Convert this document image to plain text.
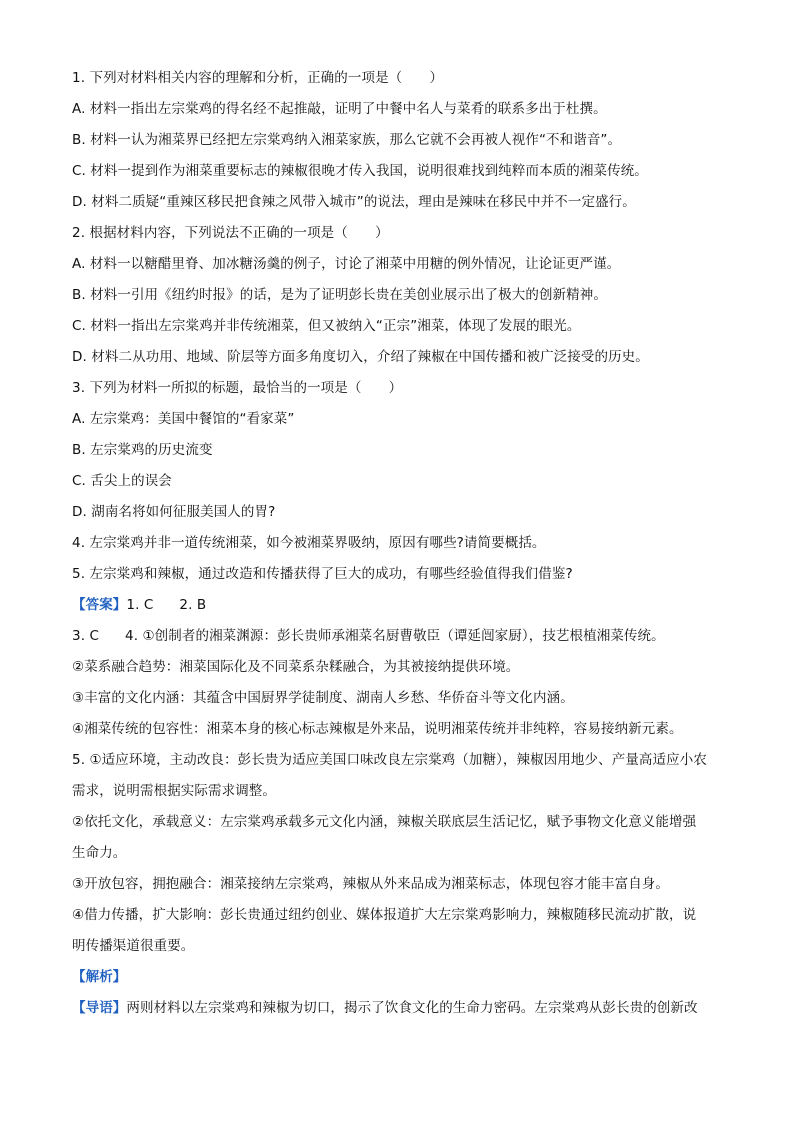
1. 下列对材料相关内容的理解和分析，正确的一项是（　　）
A. 材料一指出左宗棠鸡的得名经不起推敲，证明了中餐中名人与菜肴的联系多出于杜撰。
B. 材料一认为湘菜界已经把左宗棠鸡纳入湘菜家族，那么它就不会再被人视作“不和谐音”。
C. 材料一提到作为湘菜重要标志的辣椒很晚才传入我国，说明很难找到纯粹而本质的湘菜传统。
D. 材料二质疑“重辣区移民把食辣之风带入城市”的说法，理由是辣味在移民中并不一定盛行。
2. 根据材料内容，下列说法不正确的一项是（　　）
A. 材料一以糖醋里脊、加冰糖汤羹的例子，讨论了湘菜中用糖的例外情况，让论证更严谨。
B. 材料一引用《纽约时报》的话，是为了证明彭长贵在美创业展示出了极大的创新精神。
C. 材料一指出左宗棠鸡并非传统湘菜，但又被纳入“正宗”湘菜，体现了发展的眼光。
D. 材料二从功用、地域、阶层等方面多角度切入，介绍了辣椒在中国传播和被广泛接受的历史。
3. 下列为材料一所拟的标题，最恰当的一项是（　　）
A. 左宗棠鸡：美国中餐馆的“看家菜”
B. 左宗棠鸡的历史流变
C. 舌尖上的误会
D. 湖南名将如何征服美国人的胃?
4. 左宗棠鸡并非一道传统湘菜，如今被湘菜界吸纳，原因有哪些?请简要概括。
5. 左宗棠鸡和辣椒，通过改造和传播获得了巨大的成功，有哪些经验值得我们借鉴?
【答案】1. C 2. B
3. C 4. ①创制者的湘菜渊源：彭长贵师承湘菜名厨曹敬臣（谭延闿家厨），技艺根植湘菜传统。
②菜系融合趋势：湘菜国际化及不同菜系杂糅融合，为其被接纳提供环境。
③丰富的文化内涵：其蕴含中国厨界学徒制度、湖南人乡愁、华侨奋斗等文化内涵。
④湘菜传统的包容性：湘菜本身的核心标志辣椒是外来品，说明湘菜传统并非纯粹，容易接纳新元素。
5. ①适应环境，主动改良：彭长贵为适应美国口味改良左宗棠鸡（加糖），辣椒因用地少、产量高适应小农
需求，说明需根据实际需求调整。
②依托文化，承载意义：左宗棠鸡承载多元文化内涵，辣椒关联底层生活记忆，赋予事物文化意义能增强
生命力。
③开放包容，拥抱融合：湘菜接纳左宗棠鸡，辣椒从外来品成为湘菜标志，体现包容才能丰富自身。
④借力传播，扩大影响：彭长贵通过纽约创业、媒体报道扩大左宗棠鸡影响力，辣椒随移民流动扩散，说
明传播渠道很重要。
【解析】
【导语】两则材料以左宗棠鸡和辣椒为切口，揭示了饮食文化的生命力密码。左宗棠鸡从彭长贵的创新改
